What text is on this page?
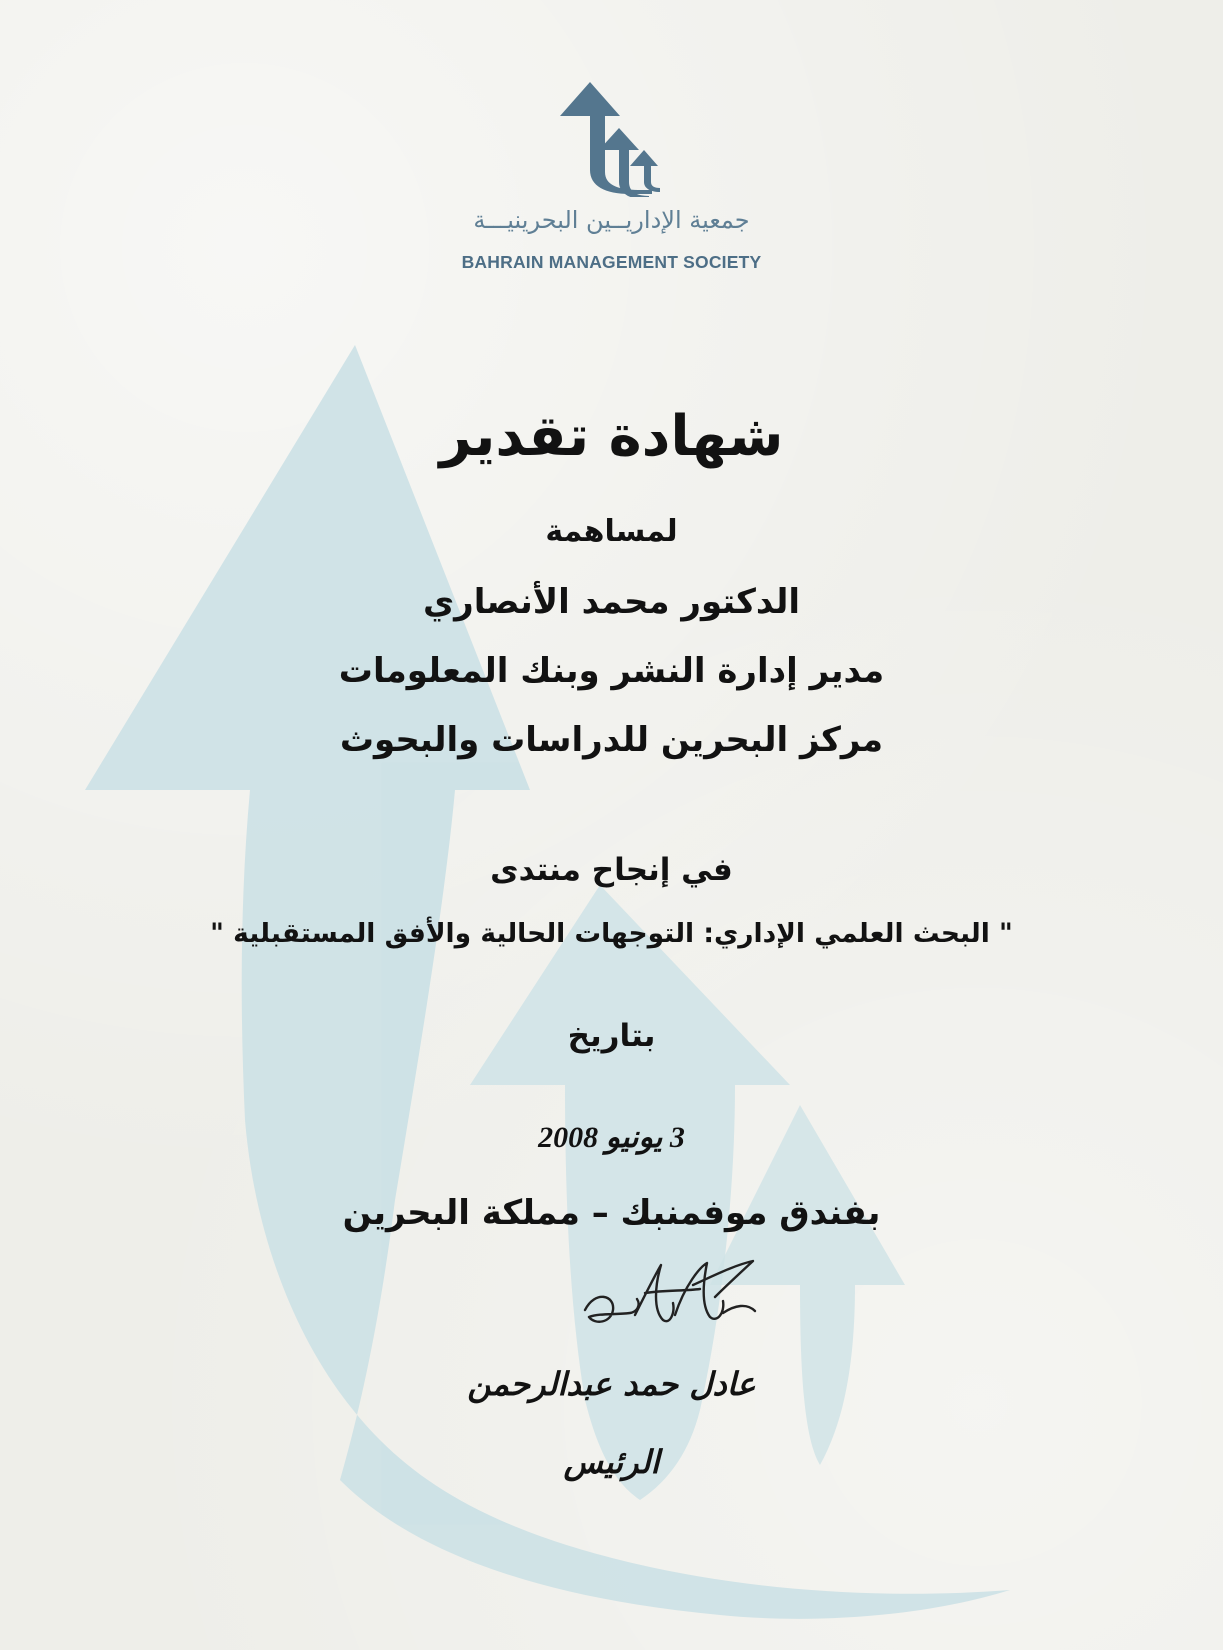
جمعية الإداريــين البحرينيـــة
BAHRAIN MANAGEMENT SOCIETY
شهادة تقدير
لمساهمة
الدكتور محمد الأنصاري
مدير إدارة النشر وبنك المعلومات
مركز البحرين للدراسات والبحوث
في إنجاح منتدى
" البحث العلمي الإداري: التوجهات الحالية والأفق المستقبلية "
بتاريخ
3 يونيو 2008
بفندق موفمنبك – مملكة البحرين
عادل حمد عبدالرحمن
الرئيس
